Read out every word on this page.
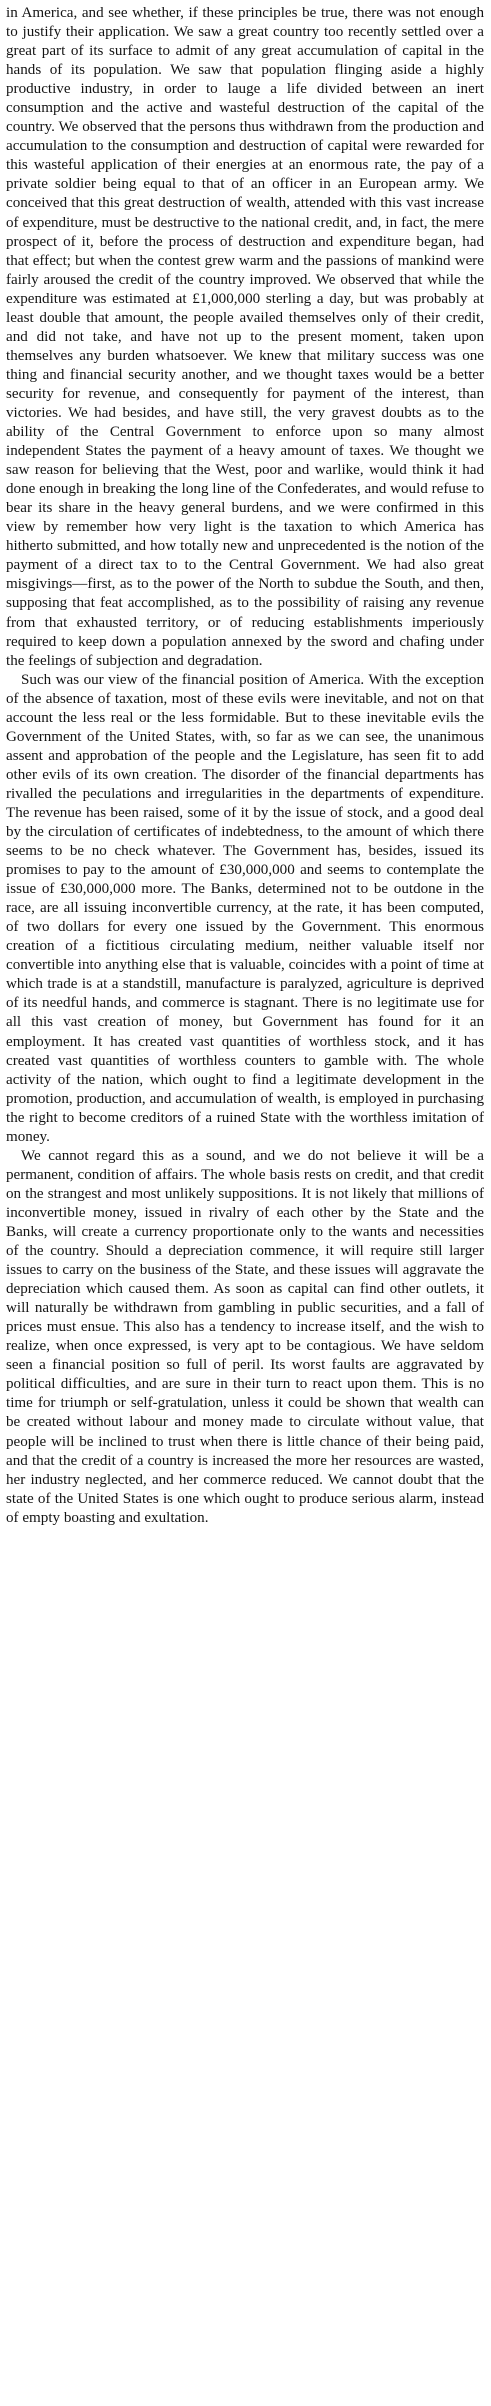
in America, and see whether, if these principles be true, there was not enough to justify their application. We saw a great country too recently settled over a great part of its surface to admit of any great accumulation of capital in the hands of its population. We saw that population flinging aside a highly productive industry, in order to lauge a life divided between an inert consumption and the active and wasteful destruction of the capital of the country. We observed that the persons thus withdrawn from the production and accumulation to the consumption and destruction of capital were rewarded for this wasteful application of their energies at an enormous rate, the pay of a private soldier being equal to that of an officer in an European army. We conceived that this great destruction of wealth, attended with this vast increase of expenditure, must be destructive to the national credit, and, in fact, the mere prospect of it, before the process of destruction and expenditure began, had that effect; but when the contest grew warm and the passions of mankind were fairly aroused the credit of the country improved. We observed that while the expenditure was estimated at £1,000,000 sterling a day, but was probably at least double that amount, the people availed themselves only of their credit, and did not take, and have not up to the present moment, taken upon themselves any burden whatsoever. We knew that military success was one thing and financial security another, and we thought taxes would be a better security for revenue, and consequently for payment of the interest, than victories. We had besides, and have still, the very gravest doubts as to the ability of the Central Government to enforce upon so many almost independent States the payment of a heavy amount of taxes. We thought we saw reason for believing that the West, poor and warlike, would think it had done enough in breaking the long line of the Confederates, and would refuse to bear its share in the heavy general burdens, and we were confirmed in this view by remember how very light is the taxation to which America has hitherto submitted, and how totally new and unprecedented is the notion of the payment of a direct tax to to the Central Government. We had also great misgivings—first, as to the power of the North to subdue the South, and then, supposing that feat accomplished, as to the possibility of raising any revenue from that exhausted territory, or of reducing establishments imperiously required to keep down a population annexed by the sword and chafing under the feelings of subjection and degradation.

Such was our view of the financial position of America. With the exception of the absence of taxation, most of these evils were inevitable, and not on that account the less real or the less formidable. But to these inevitable evils the Government of the United States, with, so far as we can see, the unanimous assent and approbation of the people and the Legislature, has seen fit to add other evils of its own creation. The disorder of the financial departments has rivalled the peculations and irregularities in the departments of expenditure. The revenue has been raised, some of it by the issue of stock, and a good deal by the circulation of certificates of indebtedness, to the amount of which there seems to be no check whatever. The Government has, besides, issued its promises to pay to the amount of £30,000,000 and seems to contemplate the issue of £30,000,000 more. The Banks, determined not to be outdone in the race, are all issuing inconvertible currency, at the rate, it has been computed, of two dollars for every one issued by the Government. This enormous creation of a fictitious circulating medium, neither valuable itself nor convertible into anything else that is valuable, coincides with a point of time at which trade is at a standstill, manufacture is paralyzed, agriculture is deprived of its needful hands, and commerce is stagnant. There is no legitimate use for all this vast creation of money, but Government has found for it an employment. It has created vast quantities of worthless stock, and it has created vast quantities of worthless counters to gamble with. The whole activity of the nation, which ought to find a legitimate development in the promotion, production, and accumulation of wealth, is employed in purchasing the right to become creditors of a ruined State with the worthless imitation of money.

We cannot regard this as a sound, and we do not believe it will be a permanent, condition of affairs. The whole basis rests on credit, and that credit on the strangest and most unlikely suppositions. It is not likely that millions of inconvertible money, issued in rivalry of each other by the State and the Banks, will create a currency proportionate only to the wants and necessities of the country. Should a depreciation commence, it will require still larger issues to carry on the business of the State, and these issues will aggravate the depreciation which caused them. As soon as capital can find other outlets, it will naturally be withdrawn from gambling in public securities, and a fall of prices must ensue. This also has a tendency to increase itself, and the wish to realize, when once expressed, is very apt to be contagious. We have seldom seen a financial position so full of peril. Its worst faults are aggravated by political difficulties, and are sure in their turn to react upon them. This is no time for triumph or self-gratulation, unless it could be shown that wealth can be created without labour and money made to circulate without value, that people will be inclined to trust when there is little chance of their being paid, and that the credit of a country is increased the more her resources are wasted, her industry neglected, and her commerce reduced. We cannot doubt that the state of the United States is one which ought to produce serious alarm, instead of empty boasting and exultation.
